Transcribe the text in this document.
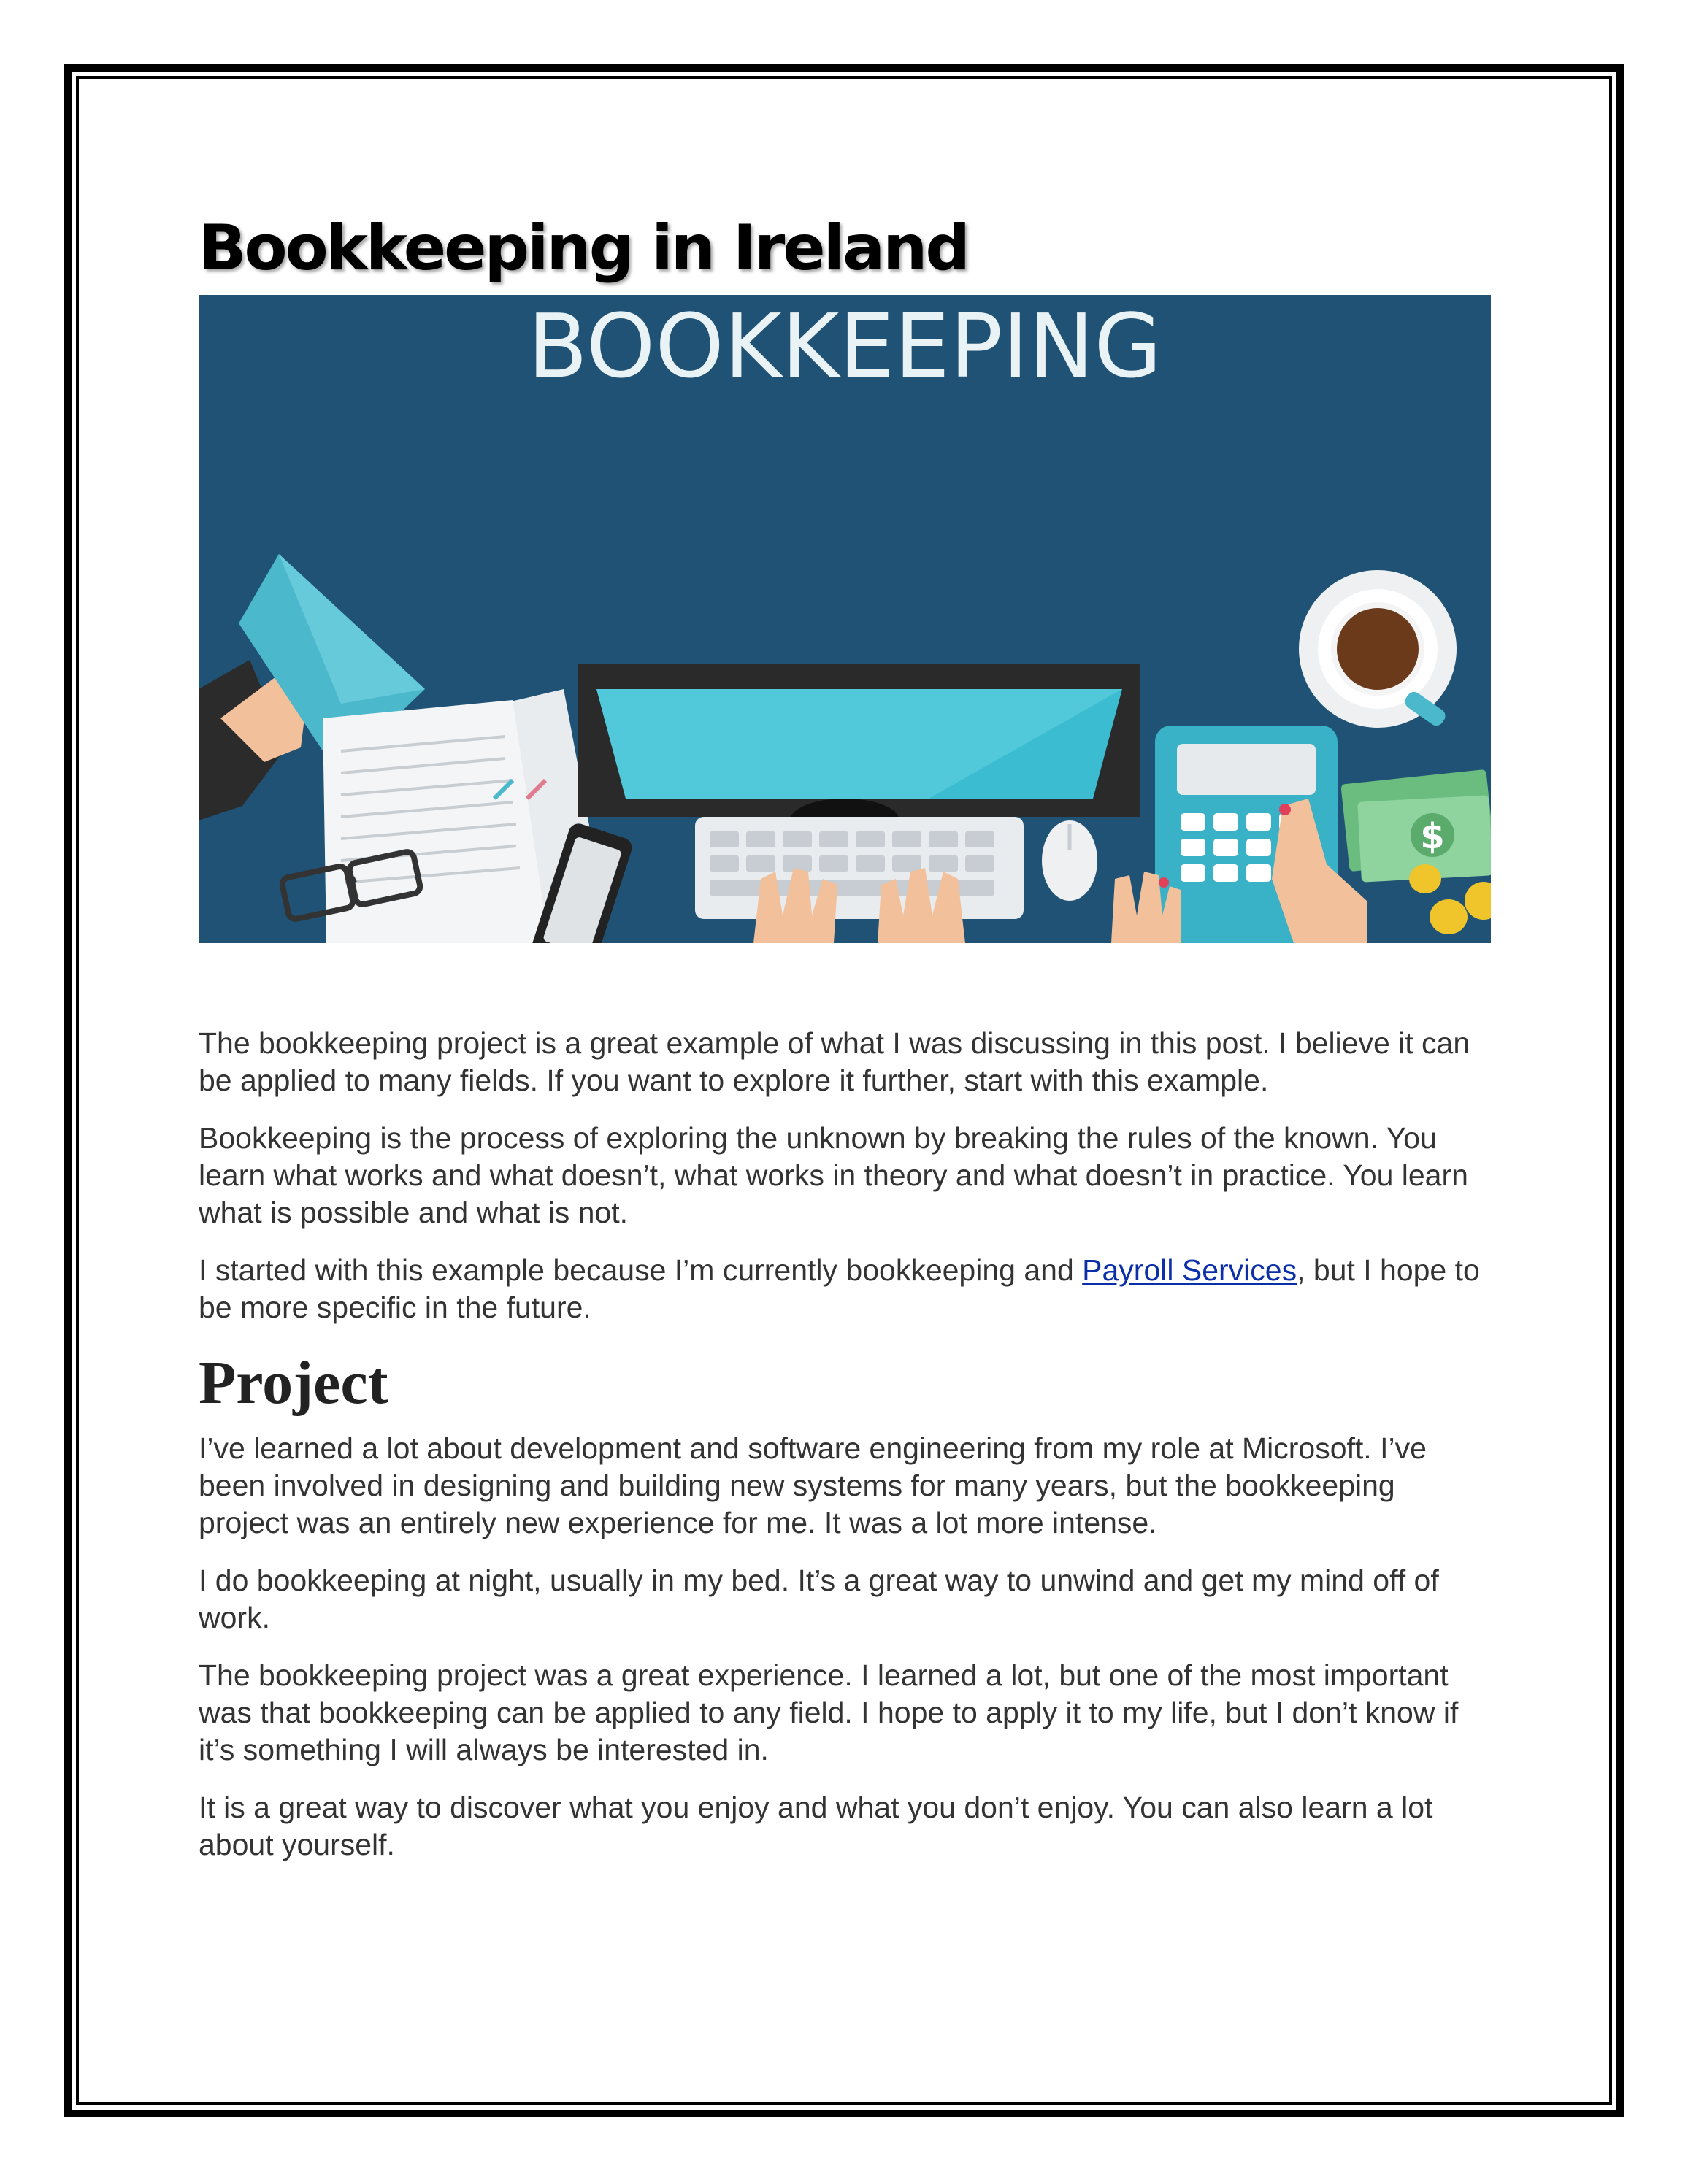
Bookkeeping in Ireland
BOOKKEEPING
$

The bookkeeping project is a great example of what I was discussing in this post. I believe it can be applied to many fields. If you want to explore it further, start with this example.

Bookkeeping is the process of exploring the unknown by breaking the rules of the known. You learn what works and what doesn’t, what works in theory and what doesn’t in practice. You learn what is possible and what is not.

I started with this example because I’m currently bookkeeping and Payroll Services, but I hope to be more specific in the future.

Project

I’ve learned a lot about development and software engineering from my role at Microsoft. I’ve been involved in designing and building new systems for many years, but the bookkeeping project was an entirely new experience for me. It was a lot more intense.

I do bookkeeping at night, usually in my bed. It’s a great way to unwind and get my mind off of work.

The bookkeeping project was a great experience. I learned a lot, but one of the most important was that bookkeeping can be applied to any field. I hope to apply it to my life, but I don’t know if it’s something I will always be interested in.

It is a great way to discover what you enjoy and what you don’t enjoy. You can also learn a lot about yourself.
